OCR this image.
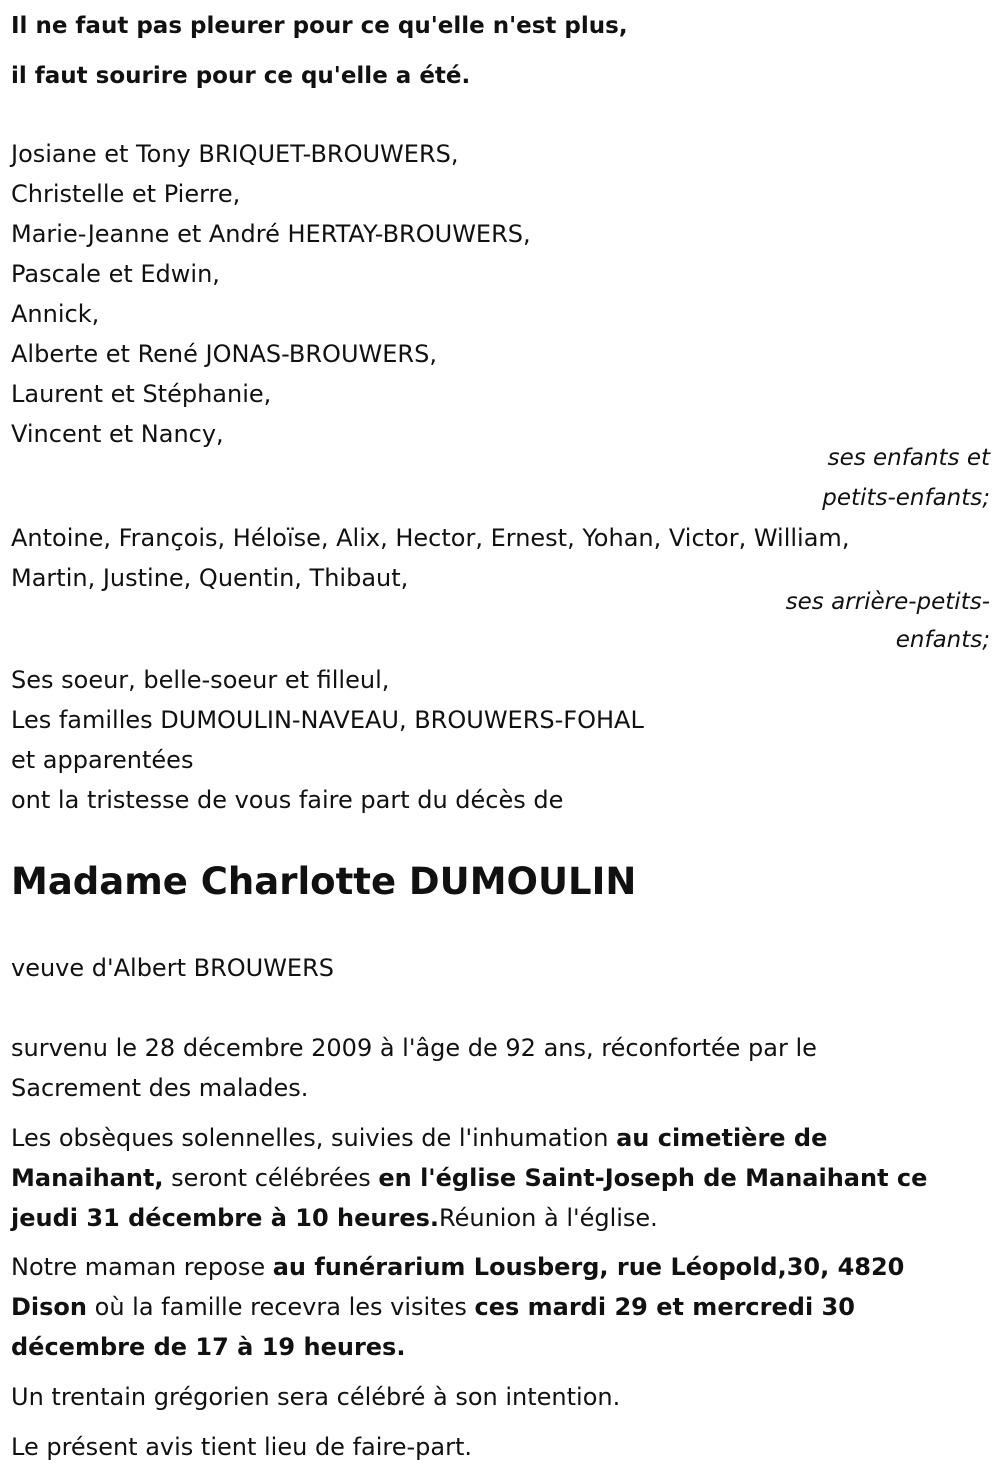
Il ne faut pas pleurer pour ce qu'elle n'est plus,
il faut sourire pour ce qu'elle a été.
Josiane et Tony BRIQUET-BROUWERS,
Christelle et Pierre,
Marie-Jeanne et André HERTAY-BROUWERS,
Pascale et Edwin,
Annick,
Alberte et René JONAS-BROUWERS,
Laurent et Stéphanie,
Vincent et Nancy,
ses enfants et
petits-enfants;
Antoine, François, Héloïse, Alix, Hector, Ernest, Yohan, Victor, William,
Martin, Justine, Quentin, Thibaut,
ses arrière-petits-
enfants;
Ses soeur, belle-soeur et filleul,
Les familles DUMOULIN-NAVEAU, BROUWERS-FOHAL
et apparentées
ont la tristesse de vous faire part du décès de
Madame Charlotte DUMOULIN
veuve d'Albert BROUWERS
survenu le 28 décembre 2009 à l'âge de 92 ans, réconfortée par le
Sacrement des malades.
Les obsèques solennelles, suivies de l'inhumation au cimetière de
Manaihant, seront célébrées en l'église Saint-Joseph de Manaihant ce
jeudi 31 décembre à 10 heures.Réunion à l'église.
Notre maman repose au funérarium Lousberg, rue Léopold,30, 4820
Dison où la famille recevra les visites ces mardi 29 et mercredi 30
décembre de 17 à 19 heures.
Un trentain grégorien sera célébré à son intention.
Le présent avis tient lieu de faire-part.
